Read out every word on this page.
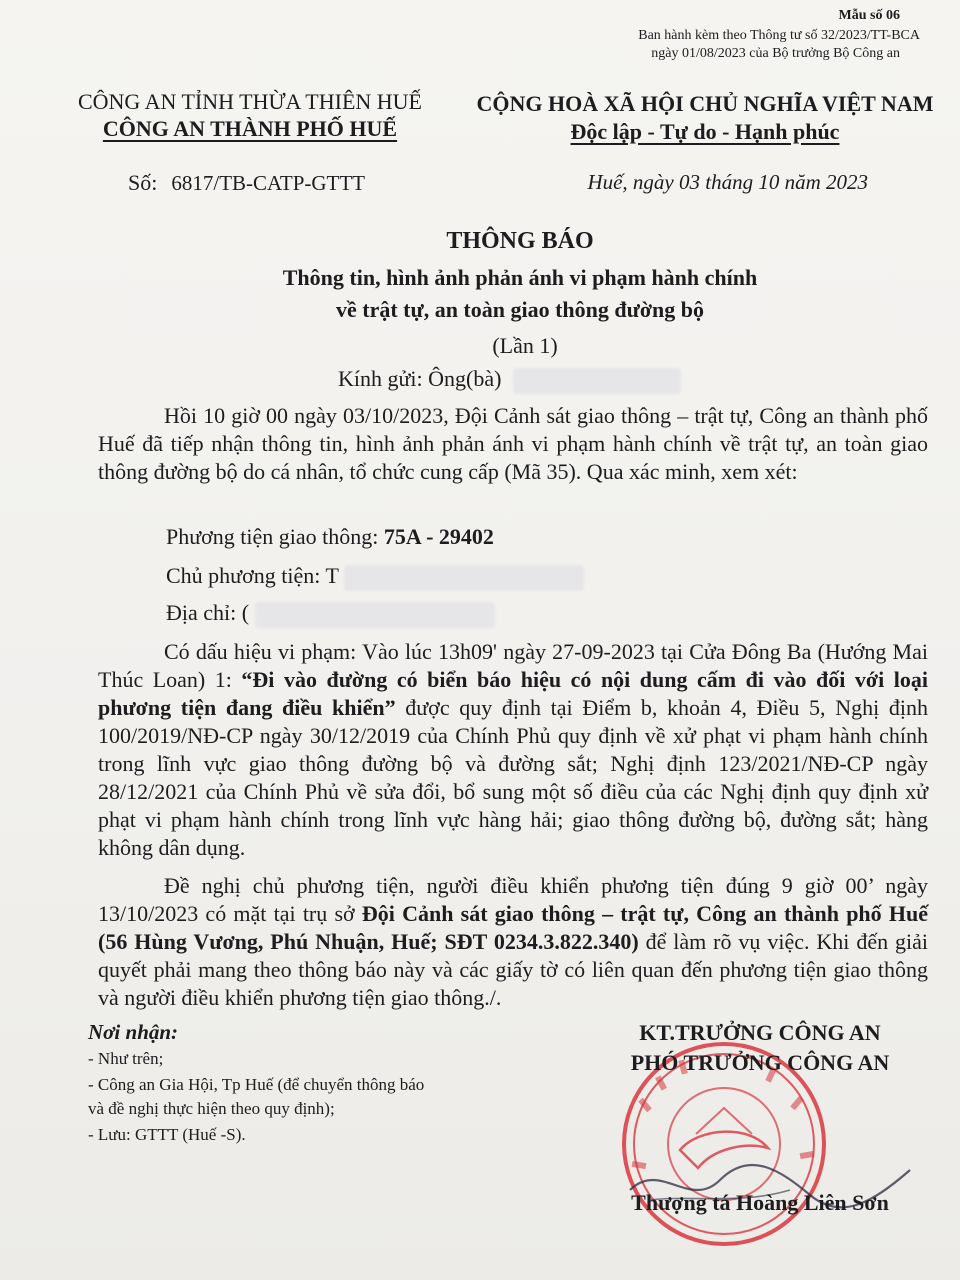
Mẫu số 06
Ban hành kèm theo Thông tư số 32/2023/TT-BCA
ngày 01/08/2023 của Bộ trưởng Bộ Công an
CÔNG AN TỈNH THỪA THIÊN HUẾ
CÔNG AN THÀNH PHỐ HUẾ
CỘNG HOÀ XÃ HỘI CHỦ NGHĨA VIỆT NAM
Độc lập - Tự do - Hạnh phúc
Số: 6817/TB-CATP-GTTT	Huế, ngày 03 tháng 10 năm 2023
THÔNG BÁO
Thông tin, hình ảnh phản ánh vi phạm hành chính
về trật tự, an toàn giao thông đường bộ
(Lần 1)
Kính gửi: Ông(bà)

Hồi 10 giờ 00 ngày 03/10/2023, Đội Cảnh sát giao thông – trật tự, Công an thành phố Huế đã tiếp nhận thông tin, hình ảnh phản ánh vi phạm hành chính về trật tự, an toàn giao thông đường bộ do cá nhân, tổ chức cung cấp (Mã 35). Qua xác minh, xem xét:

Phương tiện giao thông: 75A - 29402
Chủ phương tiện: T
Địa chỉ: (

Có dấu hiệu vi phạm: Vào lúc 13h09' ngày 27-09-2023 tại Cửa Đông Ba (Hướng Mai Thúc Loan) 1: “Đi vào đường có biển báo hiệu có nội dung cấm đi vào đối với loại phương tiện đang điều khiển” được quy định tại Điểm b, khoản 4, Điều 5, Nghị định 100/2019/NĐ-CP ngày 30/12/2019 của Chính Phủ quy định về xử phạt vi phạm hành chính trong lĩnh vực giao thông đường bộ và đường sắt; Nghị định 123/2021/NĐ-CP ngày 28/12/2021 của Chính Phủ về sửa đổi, bổ sung một số điều của các Nghị định quy định xử phạt vi phạm hành chính trong lĩnh vực hàng hải; giao thông đường bộ, đường sắt; hàng không dân dụng.

Đề nghị chủ phương tiện, người điều khiển phương tiện đúng 9 giờ 00’ ngày 13/10/2023 có mặt tại trụ sở Đội Cảnh sát giao thông – trật tự, Công an thành phố Huế (56 Hùng Vương, Phú Nhuận, Huế; SĐT 0234.3.822.340) để làm rõ vụ việc. Khi đến giải quyết phải mang theo thông báo này và các giấy tờ có liên quan đến phương tiện giao thông và người điều khiển phương tiện giao thông./.

Nơi nhận:
- Như trên;
- Công an Gia Hội, Tp Huế (để chuyển thông báo
và đề nghị thực hiện theo quy định);
- Lưu: GTTT (Huế -S).
KT.TRƯỞNG CÔNG AN
PHÓ TRƯỞNG CÔNG AN
Thượng tá Hoàng Liên Sơn
